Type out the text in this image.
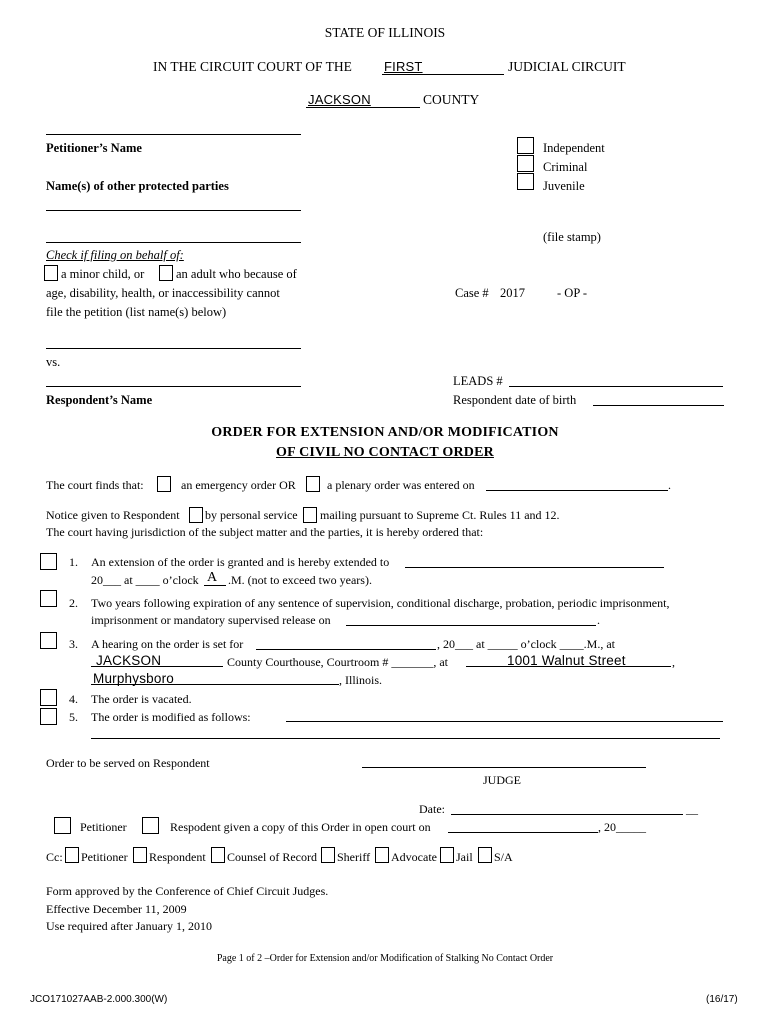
STATE OF ILLINOIS
IN THE CIRCUIT COURT OF THE FIRST	JUDICIAL CIRCUIT
JACKSON	COUNTY
Petitioner’s Name
Name(s) of other protected parties
Check if filing on behalf of:
a minor child, or	an adult who because of
age, disability, health, or inaccessibility cannot
file the petition (list name(s) below)
vs.
Respondent’s Name
Independent
Criminal
Juvenile
(file stamp)
Case # 2017	- OP -
LEADS #
Respondent date of birth
ORDER FOR EXTENSION AND/OR MODIFICATION
OF CIVIL NO CONTACT ORDER
The court finds that:	an emergency order OR	a plenary order was entered on	.
Notice given to Respondent by personal service mailing pursuant to Supreme Ct. Rules 11 and 12.
The court having jurisdiction of the subject matter and the parties, it is hereby ordered that:
1. An extension of the order is granted and is hereby extended to
20___ at ____ o’clock A .M. (not to exceed two years).
2. Two years following expiration of any sentence of supervision, conditional discharge, probation, periodic imprisonment,
imprisonment or mandatory supervised release on	.
3. A hearing on the order is set for	, 20___ at _____ o’clock ____.M., at
JACKSON	County Courthouse, Courtroom # _______, at	1001 Walnut Street	,
Murphysboro	, Illinois.
4. The order is vacated.
5. The order is modified as follows:
Order to be served on Respondent
JUDGE
Date:	__
Petitioner	Respodent given a copy of this Order in open court on	, 20_____
Cc: Petitioner Respondent Counsel of Record Sheriff Advocate Jail S/A
Form approved by the Conference of Chief Circuit Judges.
Effective December 11, 2009
Use required after January 1, 2010
Page 1 of 2 –Order for Extension and/or Modification of Stalking No Contact Order
JCO171027AAB-2.000.300(W)	(16/17)
